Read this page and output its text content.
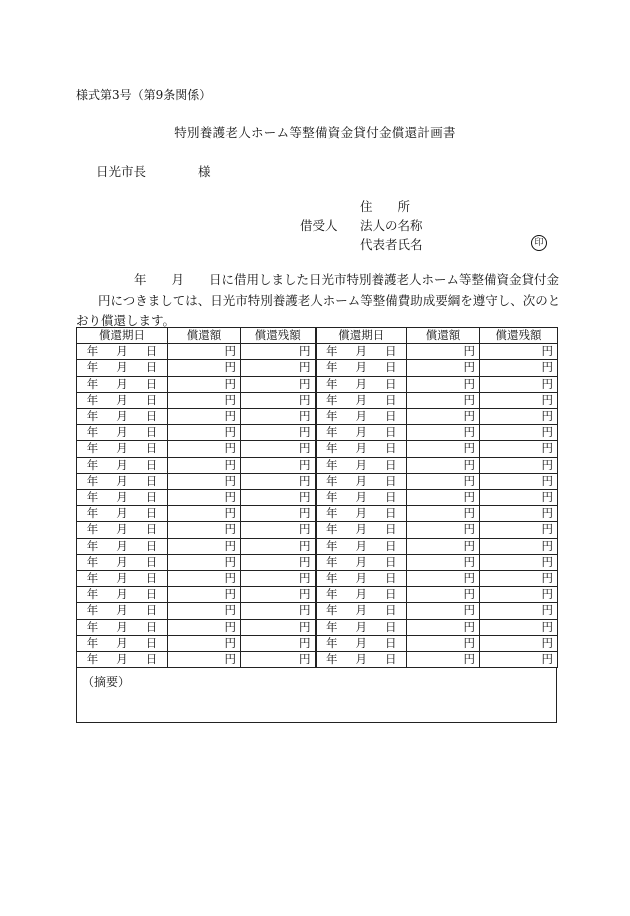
様式第3号（第9条関係）
特別養護老人ホーム等整備資金貸付金償還計画書
日光市長	様
住　　所
借受人 法人の名称
代表者氏名	印
年　　月　　日に借用しました日光市特別養護老人ホーム等整備資金貸付金
円につきましては、日光市特別養護老人ホーム等整備費助成要綱を遵守し、次のと
おり償還します。
償還期日	償還額	償還残額	償還期日	償還額	償還残額
年 月 日	円	円	年 月 日	円	円
年 月 日	円	円	年 月 日	円	円
年 月 日	円	円	年 月 日	円	円
年 月 日	円	円	年 月 日	円	円
年 月 日	円	円	年 月 日	円	円
年 月 日	円	円	年 月 日	円	円
年 月 日	円	円	年 月 日	円	円
年 月 日	円	円	年 月 日	円	円
年 月 日	円	円	年 月 日	円	円
年 月 日	円	円	年 月 日	円	円
年 月 日	円	円	年 月 日	円	円
年 月 日	円	円	年 月 日	円	円
年 月 日	円	円	年 月 日	円	円
年 月 日	円	円	年 月 日	円	円
年 月 日	円	円	年 月 日	円	円
年 月 日	円	円	年 月 日	円	円
年 月 日	円	円	年 月 日	円	円
年 月 日	円	円	年 月 日	円	円
年 月 日	円	円	年 月 日	円	円
年 月 日	円	円	年 月 日	円	円
（摘要）
